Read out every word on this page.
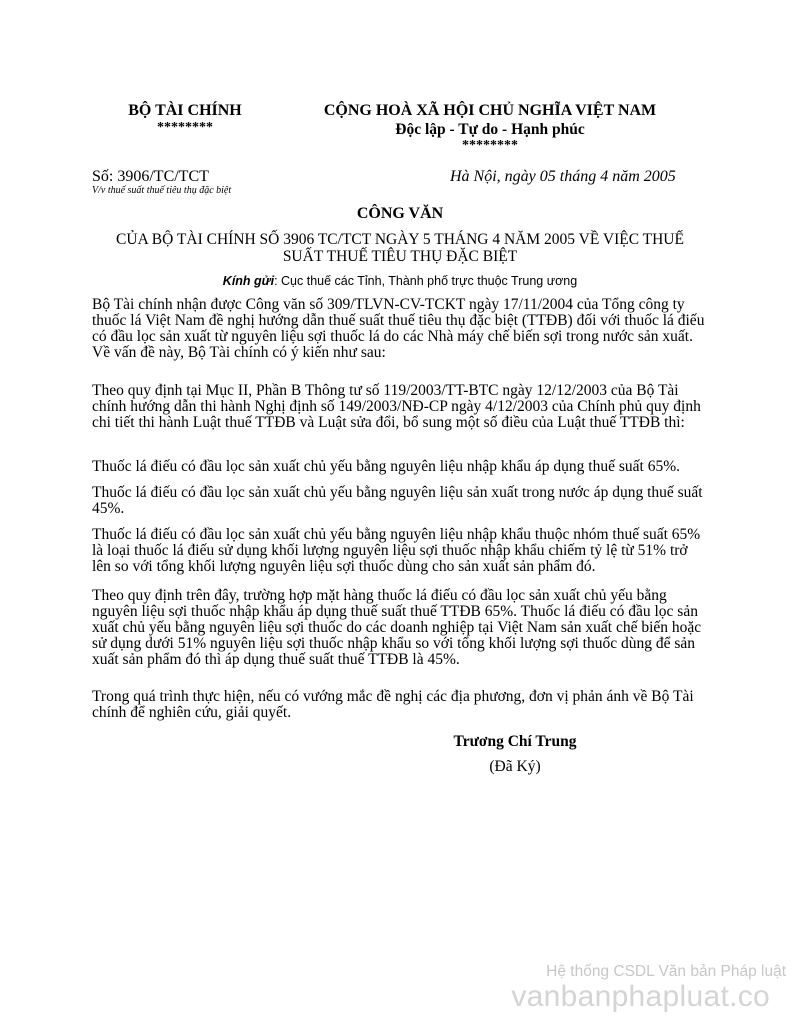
BỘ TÀI CHÍNH
********
CỘNG HOÀ XÃ HỘI CHỦ NGHĨA VIỆT NAM
Độc lập - Tự do - Hạnh phúc
********
Số: 3906/TC/TCT
V/v thuế suất thuế tiêu thụ đặc biệt
Hà Nội, ngày 05 tháng 4 năm 2005
CÔNG VĂN
CỦA BỘ TÀI CHÍNH SỐ 3906 TC/TCT NGÀY 5 THÁNG 4 NĂM 2005 VỀ VIỆC THUẾ
SUẤT THUẾ TIÊU THỤ ĐẶC BIỆT
Kính gửi: Cục thuế các Tỉnh, Thành phố trực thuộc Trung ương

Bộ Tài chính nhận được Công văn số 309/TLVN-CV-TCKT ngày 17/11/2004 của Tổng công ty thuốc lá Việt Nam đề nghị hướng dẫn thuế suất thuế tiêu thụ đặc biệt (TTĐB) đối với thuốc lá điếu có đầu lọc sản xuất từ nguyên liệu sợi thuốc lá do các Nhà máy chế biến sợi trong nước sản xuất. Về vấn đề này, Bộ Tài chính có ý kiến như sau:

Theo quy định tại Mục II, Phần B Thông tư số 119/2003/TT-BTC ngày 12/12/2003 của Bộ Tài chính hướng dẫn thi hành Nghị định số 149/2003/NĐ-CP ngày 4/12/2003 của Chính phủ quy định chi tiết thi hành Luật thuế TTĐB và Luật sửa đổi, bổ sung một số điều của Luật thuế TTĐB thì:

Thuốc lá điếu có đầu lọc sản xuất chủ yếu bằng nguyên liệu nhập khẩu áp dụng thuế suất 65%.

Thuốc lá điếu có đầu lọc sản xuất chủ yếu bằng nguyên liệu sản xuất trong nước áp dụng thuế suất 45%.

Thuốc lá điếu có đầu lọc sản xuất chủ yếu bằng nguyên liệu nhập khẩu thuộc nhóm thuế suất 65% là loại thuốc lá điếu sử dụng khối lượng nguyên liệu sợi thuốc nhập khẩu chiếm tỷ lệ từ 51% trở lên so với tổng khối lượng nguyên liệu sợi thuốc dùng cho sản xuất sản phẩm đó.

Theo quy định trên đây, trường hợp mặt hàng thuốc lá điếu có đầu lọc sản xuất chủ yếu bằng nguyên liệu sợi thuốc nhập khẩu áp dụng thuế suất thuế TTĐB 65%. Thuốc lá điếu có đầu lọc sản xuất chủ yếu bằng nguyên liệu sợi thuốc do các doanh nghiệp tại Việt Nam sản xuất chế biến hoặc sử dụng dưới 51% nguyên liệu sợi thuốc nhập khẩu so với tổng khối lượng sợi thuốc dùng để sản xuất sản phẩm đó thì áp dụng thuế suất thuế TTĐB là 45%.

Trong quá trình thực hiện, nếu có vướng mắc đề nghị các địa phương, đơn vị phản ánh về Bộ Tài chính để nghiên cứu, giải quyết.

Trương Chí Trung
(Đã Ký)
Hệ thống CSDL Văn bản Pháp luật
vanbanphapluat.co
